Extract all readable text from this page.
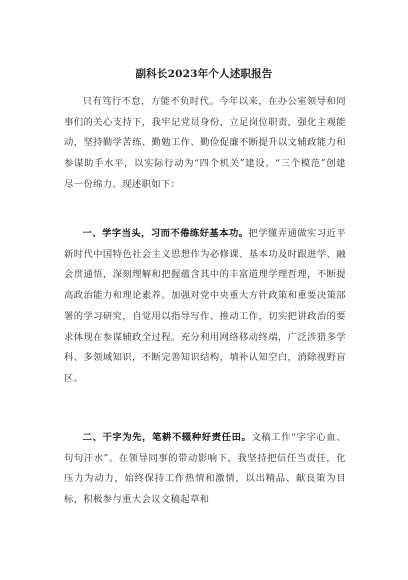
副科长2023年个人述职报告

只有笃行不怠，方能不负时代。今年以来，在办公室领导和同事们的关心支持下，我牢记党员身份，立足岗位职责，强化主观能动，坚持勤学苦练、勤勉工作、勤俭促廉不断提升以文辅政能力和参谋助手水平，以实际行动为“四个机关”建设、“三个模范”创建尽一份绵力。现述职如下：

一、学字当头，习而不倦练好基本功。把学懂弄通做实习近平新时代中国特色社会主义思想作为必修课、基本功及时跟进学、融会贯通悟，深刻理解和把握蕴含其中的丰富道理学理哲理，不断提高政治能力和理论素养。加强对党中央重大方针政策和重要决策部署的学习研究，自觉用以指导写作、推动工作，切实把讲政治的要求体现在参谋辅政全过程。充分利用网络移动终端，广泛涉猎多学科、多领域知识，不断完善知识结构，填补认知空白，消除视野盲区。

二、干字为先，笔耕不辍种好责任田。文稿工作“字字心血、句句汗水”。在领导同事的带动影响下，我坚持把信任当责任，化压力为动力，始终保持工作热情和激情，以出精品、献良策为目标，积极参与重大会议文稿起草和
